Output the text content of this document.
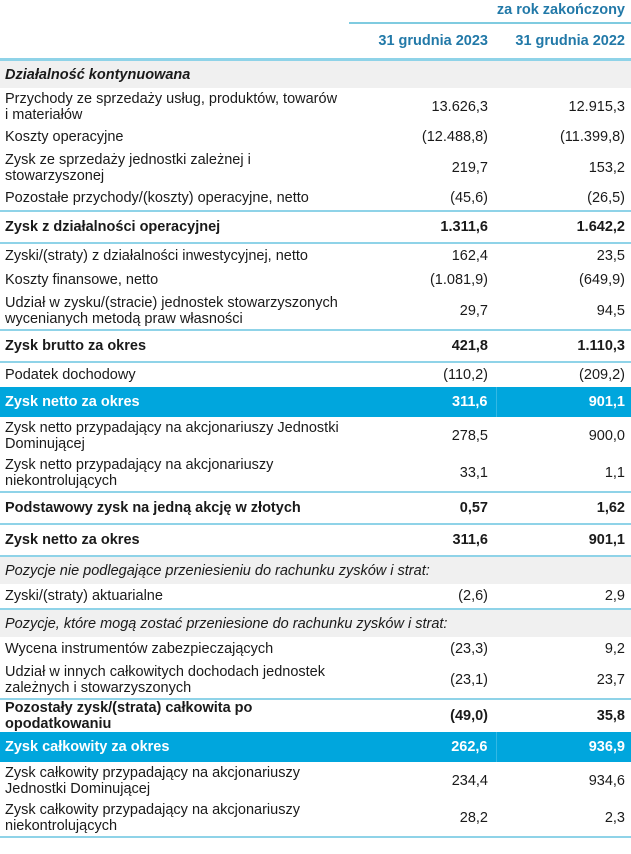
za rok zakończony
31 grudnia 2023	31 grudnia 2022
Działalność kontynuowana		
Przychody ze sprzedaży usług, produktów, towarów i materiałów	13.626,3	12.915,3
Koszty operacyjne	(12.488,8)	(11.399,8)
Zysk ze sprzedaży jednostki zależnej i stowarzyszonej	219,7	153,2
Pozostałe przychody/(koszty) operacyjne, netto	(45,6)	(26,5)
Zysk z działalności operacyjnej	1.311,6	1.642,2
Zyski/(straty) z działalności inwestycyjnej, netto	162,4	23,5
Koszty finansowe, netto	(1.081,9)	(649,9)
Udział w zysku/(stracie) jednostek stowarzyszonych wycenianych metodą praw własności	29,7	94,5
Zysk brutto za okres	421,8	1.110,3
Podatek dochodowy	(110,2)	(209,2)
Zysk netto za okres	311,6	901,1
Zysk netto przypadający na akcjonariuszy Jednostki Dominującej	278,5	900,0
Zysk netto przypadający na akcjonariuszy niekontrolujących	33,1	1,1
Podstawowy zysk na jedną akcję w złotych	0,57	1,62
Zysk netto za okres	311,6	901,1
Pozycje nie podlegające przeniesieniu do rachunku zysków i strat:		
Zyski/(straty) aktuarialne	(2,6)	2,9
Pozycje, które mogą zostać przeniesione do rachunku zysków i strat:		
Wycena instrumentów zabezpieczających	(23,3)	9,2
Udział w innych całkowitych dochodach jednostek zależnych i stowarzyszonych	(23,1)	23,7
Pozostały zysk/(strata) całkowita po opodatkowaniu	(49,0)	35,8
Zysk całkowity za okres	262,6	936,9
Zysk całkowity przypadający na akcjonariuszy Jednostki Dominującej	234,4	934,6
Zysk całkowity przypadający na akcjonariuszy niekontrolujących	28,2	2,3
